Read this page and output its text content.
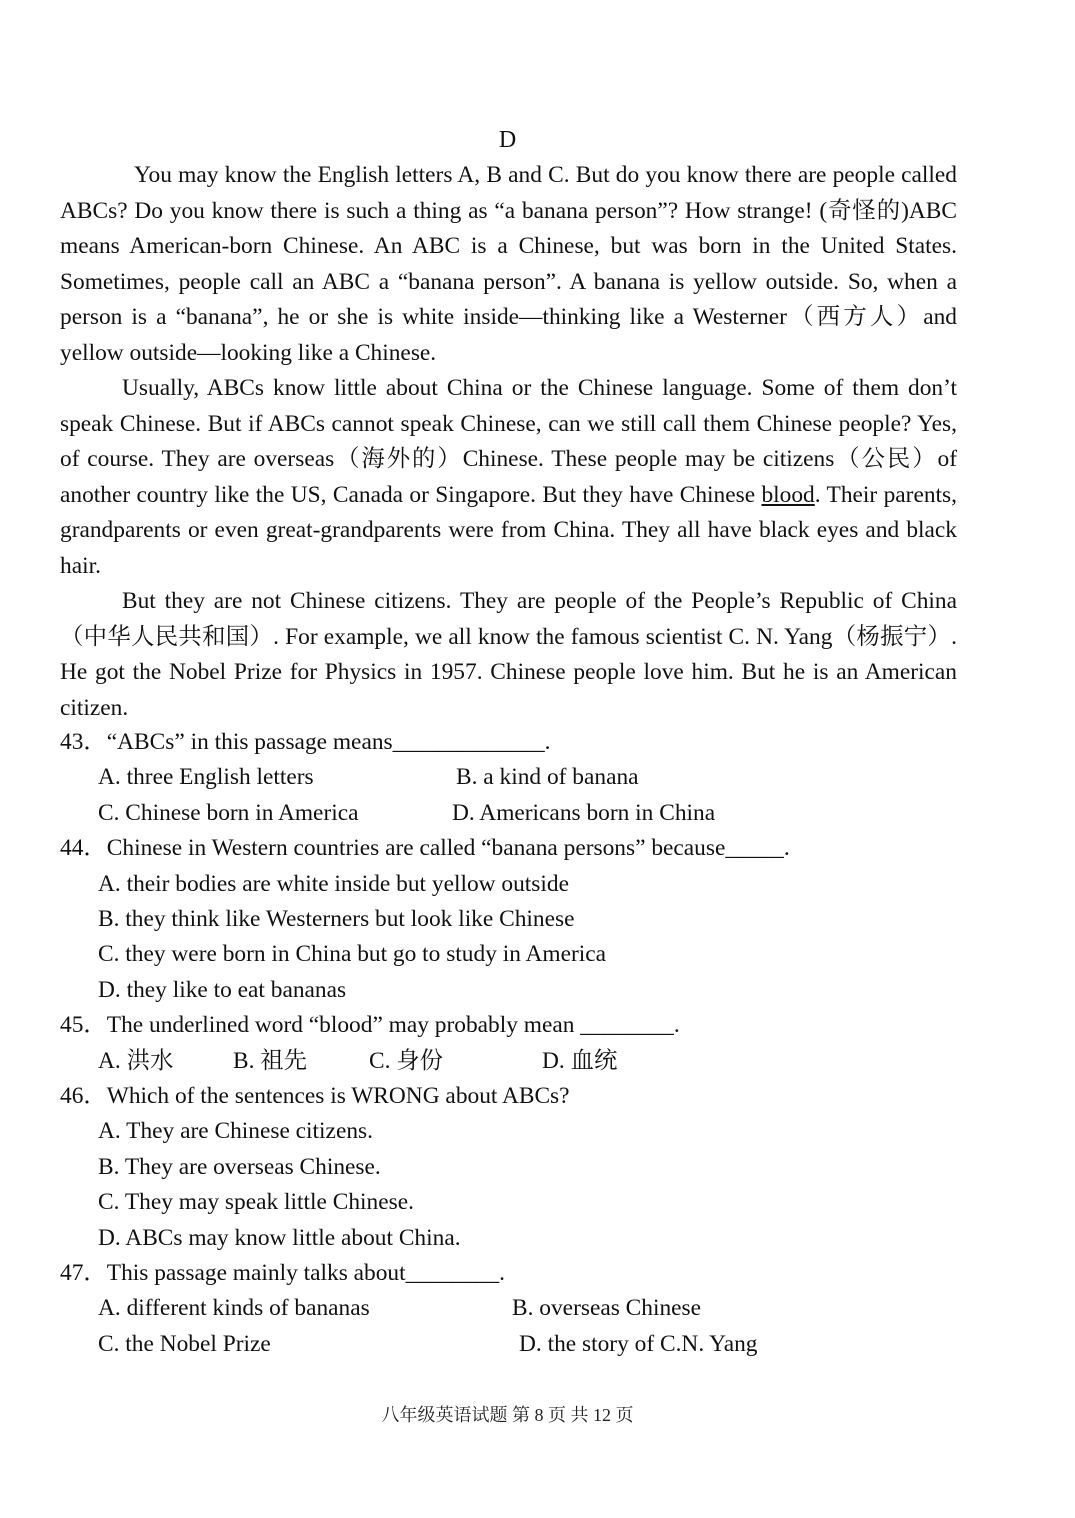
D

You may know the English letters A, B and C. But do you know there are people called ABCs? Do you know there is such a thing as “a banana person”? How strange! (奇怪的)ABC means American-born Chinese. An ABC is a Chinese, but was born in the United States. Sometimes, people call an ABC a “banana person”. A banana is yellow outside. So, when a person is a “banana”, he or she is white inside—thinking like a Westerner（西方人）and yellow outside—looking like a Chinese.

Usually, ABCs know little about China or the Chinese language. Some of them don’t speak Chinese. But if ABCs cannot speak Chinese, can we still call them Chinese people? Yes, of course. They are overseas（海外的）Chinese. These people may be citizens（公民）of another country like the US, Canada or Singapore. But they have Chinese blood. Their parents, grandparents or even great-grandparents were from China. They all have black eyes and black hair.

But they are not Chinese citizens. They are people of the People’s Republic of China（中华人民共和国）. For example, we all know the famous scientist C. N. Yang（杨振宁）. He got the Nobel Prize for Physics in 1957. Chinese people love him. But he is an American citizen.

43．“ABCs” in this passage means_____________.

A. three English letters	B. a kind of banana
C. Chinese born in America	D. Americans born in China

44．Chinese in Western countries are called “banana persons” because_____.

A. their bodies are white inside but yellow outside
B. they think like Westerners but look like Chinese
C. they were born in China but go to study in America
D. they like to eat bananas

45．The underlined word “blood” may probably mean ________.

A. 洪水	B. 祖先	C. 身份	D. 血统

46．Which of the sentences is WRONG about ABCs?

A. They are Chinese citizens.
B. They are overseas Chinese.
C. They may speak little Chinese.
D. ABCs may know little about China.

47．This passage mainly talks about________.

A. different kinds of bananas	B. overseas Chinese
C. the Nobel Prize	D. the story of C.N. Yang
八年级英语试题 第 8 页 共 12 页
